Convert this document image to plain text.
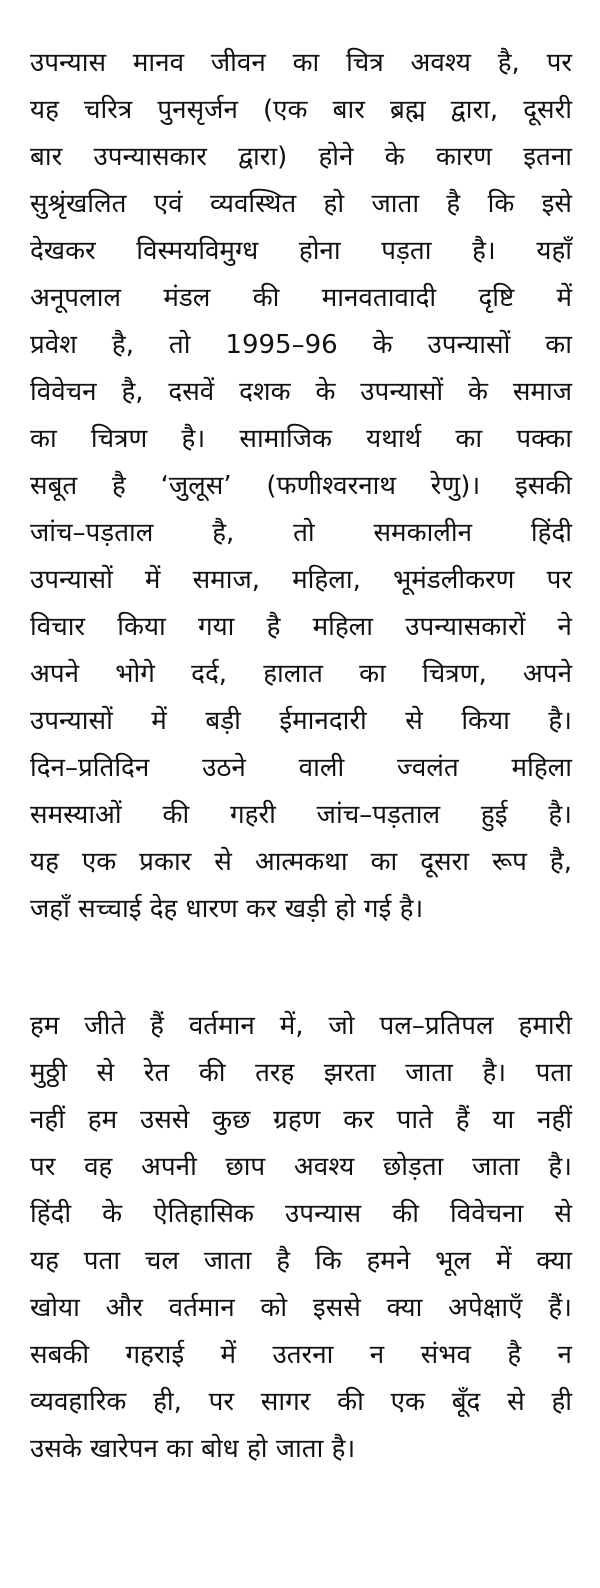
उपन्यास मानव जीवन का चित्र अवश्य है, पर
यह चरित्र पुनसृर्जन (एक बार ब्रह्म द्वारा, दूसरी
बार उपन्यासकार द्वारा) होने के कारण इतना
सुश्रृंखलित एवं व्यवस्थित हो जाता है कि इसे
देखकर विस्मयविमुग्ध होना पड़ता है। यहाँ
अनूपलाल मंडल की मानवतावादी दृष्टि में
प्रवेश है, तो 1995–96 के उपन्यासों का
विवेचन है, दसवें दशक के उपन्यासों के समाज
का चित्रण है। सामाजिक यथार्थ का पक्का
सबूत है ‘जुलूस’ (फणीश्वरनाथ रेणु)। इसकी
जांच–पड़ताल है, तो समकालीन हिंदी
उपन्यासों में समाज, महिला, भूमंडलीकरण पर
विचार किया गया है महिला उपन्यासकारों ने
अपने भोगे दर्द, हालात का चित्रण, अपने
उपन्यासों में बड़ी ईमानदारी से किया है।
दिन–प्रतिदिन उठने वाली ज्वलंत महिला
समस्याओं की गहरी जांच–पड़ताल हुई है।
यह एक प्रकार से आत्मकथा का दूसरा रूप है,
जहाँ सच्चाई देह धारण कर खड़ी हो गई है।

हम जीते हैं वर्तमान में, जो पल–प्रतिपल हमारी
मुठ्ठी से रेत की तरह झरता जाता है। पता
नहीं हम उससे कुछ ग्रहण कर पाते हैं या नहीं
पर वह अपनी छाप अवश्य छोड़ता जाता है।
हिंदी के ऐतिहासिक उपन्यास की विवेचना से
यह पता चल जाता है कि हमने भूल में क्या
खोया और वर्तमान को इससे क्या अपेक्षाएँ हैं।
सबकी गहराई में उतरना न संभव है न
व्यवहारिक ही, पर सागर की एक बूँद से ही
उसके खारेपन का बोध हो जाता है।
